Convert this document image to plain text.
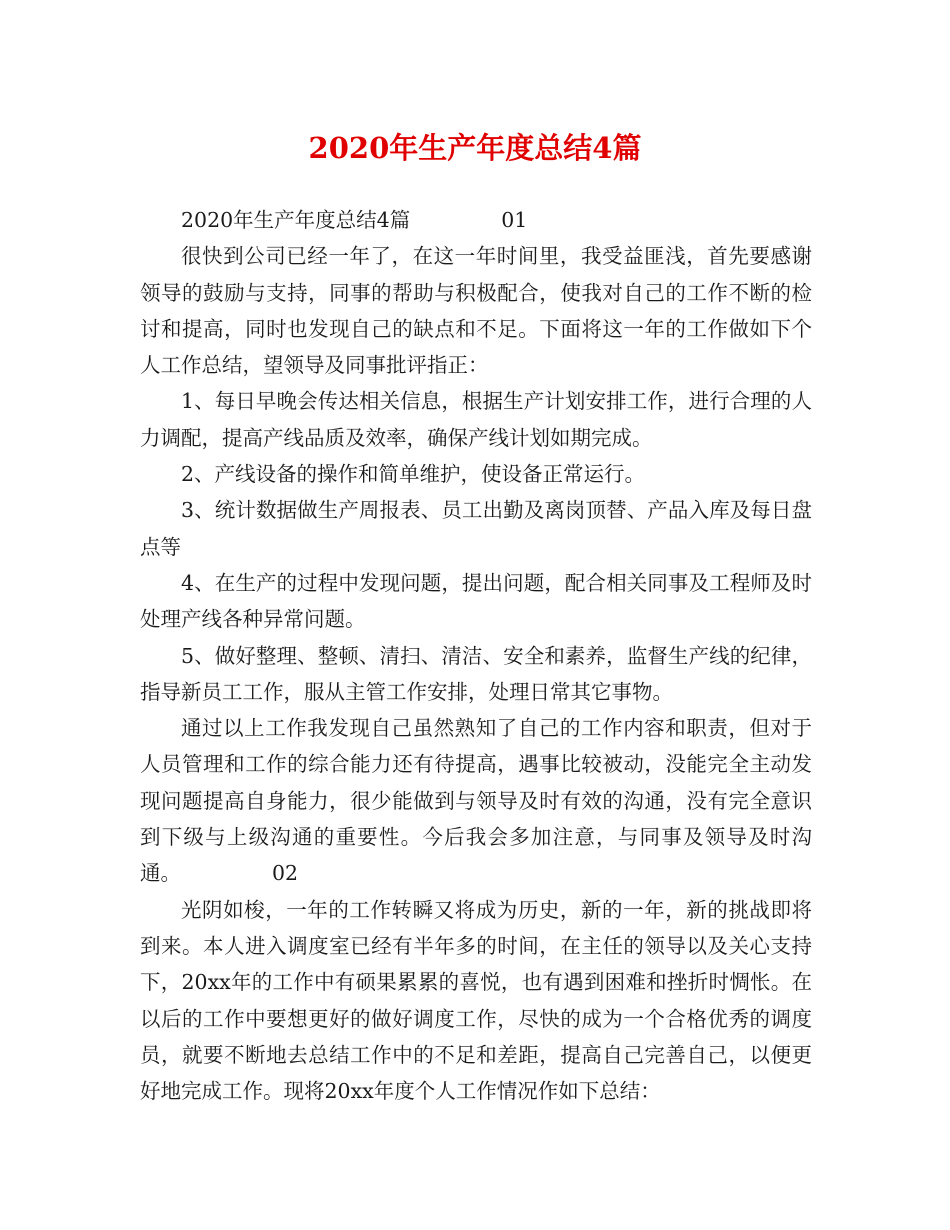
2020年生产年度总结4篇

2020年生产年度总结4篇	01

很快到公司已经一年了，在这一年时间里，我受益匪浅，首先要感谢领导的鼓励与支持，同事的帮助与积极配合，使我对自己的工作不断的检讨和提高，同时也发现自己的缺点和不足。下面将这一年的工作做如下个人工作总结，望领导及同事批评指正：

1、每日早晚会传达相关信息，根据生产计划安排工作，进行合理的人力调配，提高产线品质及效率，确保产线计划如期完成。

2、产线设备的操作和简单维护，使设备正常运行。

3、统计数据做生产周报表、员工出勤及离岗顶替、产品入库及每日盘点等

4、在生产的过程中发现问题，提出问题，配合相关同事及工程师及时处理产线各种异常问题。

5、做好整理、整顿、清扫、清洁、安全和素养，监督生产线的纪律，指导新员工工作，服从主管工作安排，处理日常其它事物。

通过以上工作我发现自己虽然熟知了自己的工作内容和职责，但对于人员管理和工作的综合能力还有待提高，遇事比较被动，没能完全主动发现问题提高自身能力，很少能做到与领导及时有效的沟通，没有完全意识到下级与上级沟通的重要性。今后我会多加注意，与同事及领导及时沟通。	02

光阴如梭，一年的工作转瞬又将成为历史，新的一年，新的挑战即将到来。本人进入调度室已经有半年多的时间，在主任的领导以及关心支持下，20xx年的工作中有硕果累累的喜悦，也有遇到困难和挫折时惆怅。在以后的工作中要想更好的做好调度工作，尽快的成为一个合格优秀的调度员，就要不断地去总结工作中的不足和差距，提高自己完善自己，以便更好地完成工作。现将20xx年度个人工作情况作如下总结：
